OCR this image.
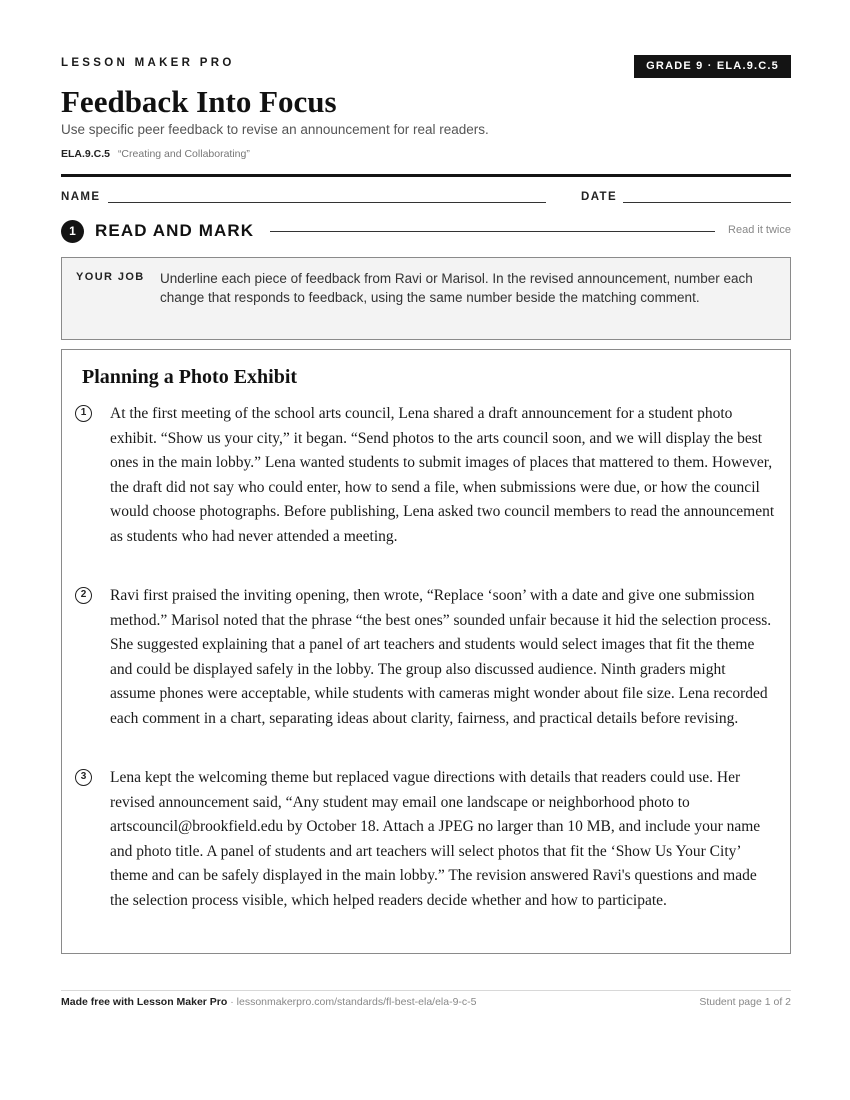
LESSON MAKER PRO	GRADE 9 · ELA.9.C.5
Feedback Into Focus
Use specific peer feedback to revise an announcement for real readers.
ELA.9.C.5 “Creating and Collaborating”
NAME	DATE
1	READ AND MARK	Read it twice
YOUR JOB Underline each piece of feedback from Ravi or Marisol. In the revised announcement, number each change that responds to feedback, using the same number beside the matching comment.
Planning a Photo Exhibit
1	At the first meeting of the school arts council, Lena shared a draft announcement for a student photo exhibit. “Show us your city,” it began. “Send photos to the arts council soon, and we will display the best ones in the main lobby.” Lena wanted students to submit images of places that mattered to them. However, the draft did not say who could enter, how to send a file, when submissions were due, or how the council would choose photographs. Before publishing, Lena asked two council members to read the announcement as students who had never attended a meeting.

2	Ravi first praised the inviting opening, then wrote, “Replace ‘soon’ with a date and give one submission method.” Marisol noted that the phrase “the best ones” sounded unfair because it hid the selection process. She suggested explaining that a panel of art teachers and students would select images that fit the theme and could be displayed safely in the lobby. The group also discussed audience. Ninth graders might assume phones were acceptable, while students with cameras might wonder about file size. Lena recorded each comment in a chart, separating ideas about clarity, fairness, and practical details before revising.

3	Lena kept the welcoming theme but replaced vague directions with details that readers could use. Her revised announcement said, “Any student may email one landscape or neighborhood photo to artscouncil@brookfield.edu by October 18. Attach a JPEG no larger than 10 MB, and include your name and photo title. A panel of students and art teachers will select photos that fit the ‘Show Us Your City’ theme and can be safely displayed in the main lobby.” The revision answered Ravi's questions and made the selection process visible, which helped readers decide whether and how to participate.

Made free with Lesson Maker Pro · lessonmakerpro.com/standards/fl-best-ela/ela-9-c-5	Student page 1 of 2
